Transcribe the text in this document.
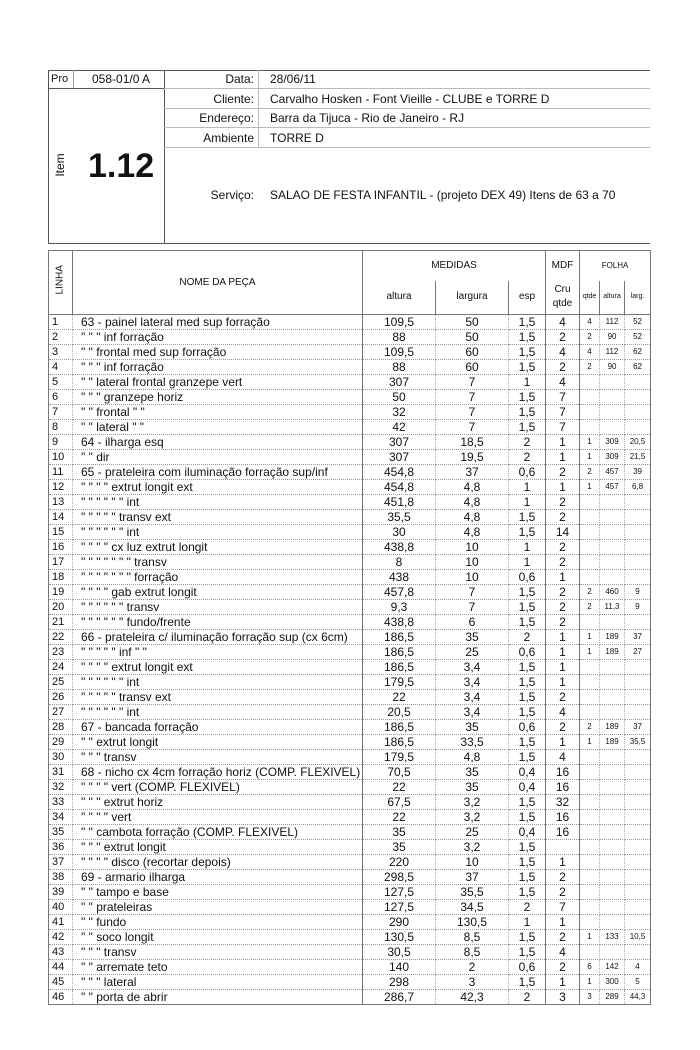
Pro 058-01/0 A
Item 1.12
Data: 28/06/11
Cliente: Carvalho Hosken - Font Vieille - CLUBE e TORRE D
Endereço: Barra da Tijuca - Rio de Janeiro - RJ
Ambiente TORRE D
Serviço: SALAO DE FESTA INFANTIL - (projeto DEX 49) Itens de 63 a 70
LINHA	NOME DA PEÇA	MEDIDAS			MDF	FOLHA		
		altura	largura	esp	Cru qtde	qtde	altura	larg.
1	63 - painel lateral med sup forração	109,5	50	1,5	4	4	112	52
2	" " " inf forração	88	50	1,5	2	2	90	52
3	" " frontal med sup forração	109,5	60	1,5	4	4	112	62
4	" " " inf forração	88	60	1,5	2	2	90	62
5	" " lateral frontal granzepe vert	307	7	1	4			
6	" " " granzepe horiz	50	7	1,5	7			
7	" " frontal " "	32	7	1,5	7			
8	" " lateral " "	42	7	1,5	7			
9	64 - ilharga esq	307	18,5	2	1	1	309	20,5
10	" " dir	307	19,5	2	1	1	309	21,5
11	65 - prateleira com iluminação forração sup/inf	454,8	37	0,6	2	2	457	39
12	" " " " extrut longit ext	454,8	4,8	1	1	1	457	6,8
13	" " " " " " int	451,8	4,8	1	2			
14	" " " " " transv ext	35,5	4,8	1,5	2			
15	" " " " " " int	30	4,8	1,5	14			
16	" " " " cx luz extrut longit	438,8	10	1	2			
17	" " " " " " " transv	8	10	1	2			
18	" " " " " " " forração	438	10	0,6	1			
19	" " " " gab extrut longit	457,8	7	1,5	2	2	460	9
20	" " " " " " transv	9,3	7	1,5	2	2	11,3	9
21	" " " " " " fundo/frente	438,8	6	1,5	2			
22	66 - prateleira c/ iluminação forração sup (cx 6cm)	186,5	35	2	1	1	189	37
23	" " " " " inf " "	186,5	25	0,6	1	1	189	27
24	" " " " extrut longit ext	186,5	3,4	1,5	1			
25	" " " " " " int	179,5	3,4	1,5	1			
26	" " " " " transv ext	22	3,4	1,5	2			
27	" " " " " " int	20,5	3,4	1,5	4			
28	67 - bancada forração	186,5	35	0,6	2	2	189	37
29	" " extrut longit	186,5	33,5	1,5	1	1	189	35,5
30	" " " transv	179,5	4,8	1,5	4			
31	68 - nicho cx 4cm forração horiz (COMP. FLEXIVEL)	70,5	35	0,4	16			
32	" " " " vert (COMP. FLEXIVEL)	22	35	0,4	16			
33	" " " extrut horiz	67,5	3,2	1,5	32			
34	" " " " vert	22	3,2	1,5	16			
35	" " cambota forração (COMP. FLEXIVEL)	35	25	0,4	16			
36	" " " extrut longit	35	3,2	1,5				
37	" " " " disco (recortar depois)	220	10	1,5	1			
38	69 - armario ilharga	298,5	37	1,5	2			
39	" " tampo e base	127,5	35,5	1,5	2			
40	" " prateleiras	127,5	34,5	2	7			
41	" " fundo	290	130,5	1	1			
42	" " soco longit	130,5	8,5	1,5	2	1	133	10,5
43	" " " transv	30,5	8,5	1,5	4			
44	" " arremate teto	140	2	0,6	2	6	142	4
45	" " " lateral	298	3	1,5	1	1	300	5
46	" " porta de abrir	286,7	42,3	2	3	3	289	44,3
